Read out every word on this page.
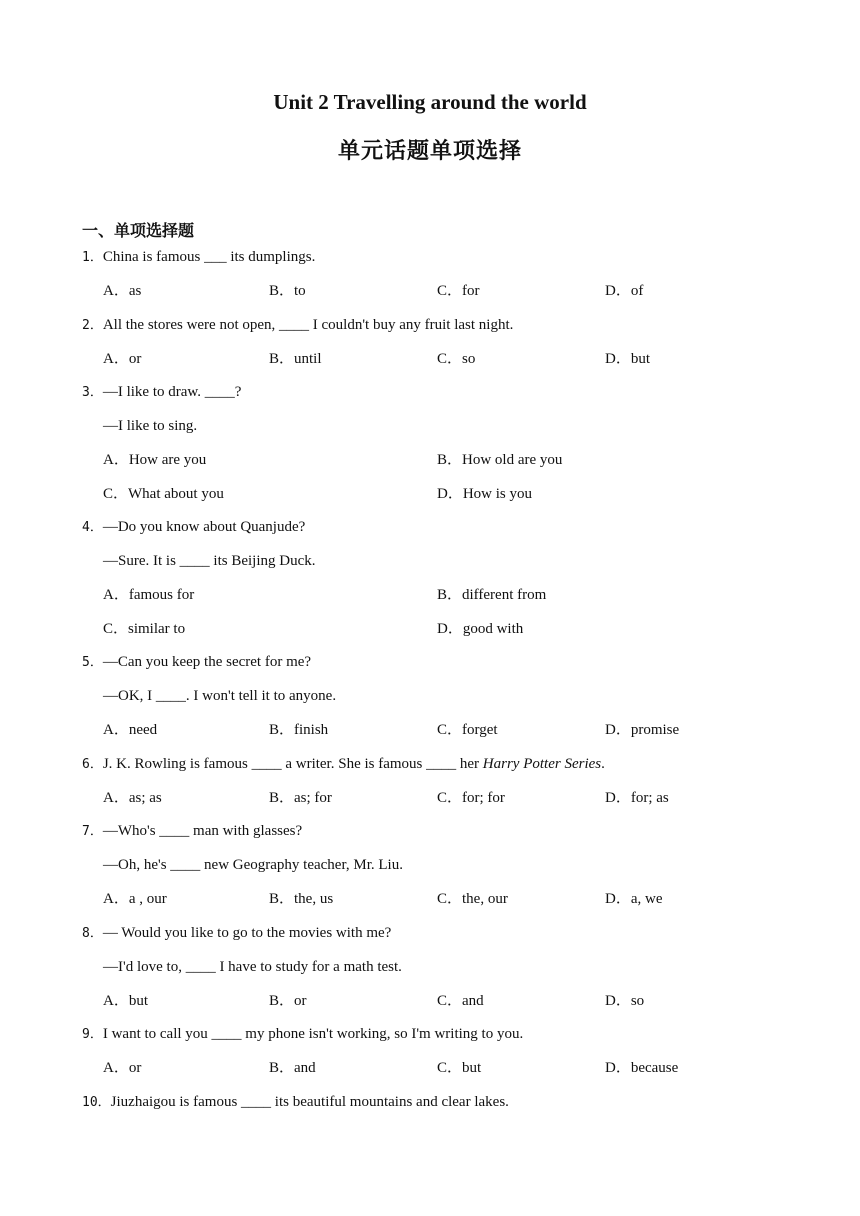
Unit 2 Travelling around the world
单元话题单项选择
一、单项选择题
1．China is famous ___ its dumplings.
A．as	B．to	C．for	D．of
2．All the stores were not open, ____ I couldn't buy any fruit last night.
A．or	B．until	C．so	D．but
3．—I like to draw. ____?
—I like to sing.
A．How are you	B．How old are you
C．What about you	D．How is you
4．—Do you know about Quanjude?
—Sure. It is ____ its Beijing Duck.
A．famous for	B．different from
C．similar to	D．good with
5．—Can you keep the secret for me?
—OK, I ____. I won't tell it to anyone.
A．need	B．finish	C．forget	D．promise
6．J. K. Rowling is famous ____ a writer. She is famous ____ her Harry Potter Series.
A．as; as	B．as; for	C．for; for	D．for; as
7．—Who's ____ man with glasses?
—Oh, he's ____ new Geography teacher, Mr. Liu.
A．a , our	B．the, us	C．the, our	D．a, we
8．— Would you like to go to the movies with me?
—I'd love to, ____ I have to study for a math test.
A．but	B．or	C．and	D．so
9．I want to call you ____ my phone isn't working, so I'm writing to you.
A．or	B．and	C．but	D．because
10．Jiuzhaigou is famous ____ its beautiful mountains and clear lakes.
